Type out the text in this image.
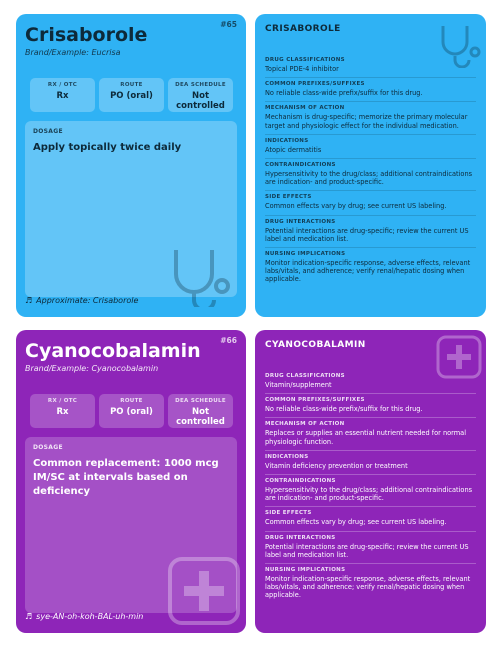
#65
Crisaborole
Brand/Example: Eucrisa
RX / OTC
Rx
ROUTE
PO (oral)
DEA SCHEDULE
Not controlled
DOSAGE
Apply topically twice daily
♬ Approximate: Crisaborole
CRISABOROLE
DRUG CLASSIFICATIONS
Topical PDE-4 inhibitor
COMMON PREFIXES/SUFFIXES
No reliable class-wide prefix/suffix for this drug.
MECHANISM OF ACTION
Mechanism is drug-specific; memorize the primary molecular target and physiologic effect for the individual medication.
INDICATIONS
Atopic dermatitis
CONTRAINDICATIONS
Hypersensitivity to the drug/class; additional contraindications are indication- and product-specific.
SIDE EFFECTS
Common effects vary by drug; see current US labeling.
DRUG INTERACTIONS
Potential interactions are drug-specific; review the current US label and medication list.
NURSING IMPLICATIONS
Monitor indication-specific response, adverse effects, relevant labs/vitals, and adherence; verify renal/hepatic dosing when applicable.
#66
Cyanocobalamin
Brand/Example: Cyanocobalamin
RX / OTC
Rx
ROUTE
PO (oral)
DEA SCHEDULE
Not controlled
DOSAGE
Common replacement: 1000 mcg IM/SC at intervals based on deficiency
♬ sye-AN-oh-koh-BAL-uh-min
CYANOCOBALAMIN
DRUG CLASSIFICATIONS
Vitamin/supplement
COMMON PREFIXES/SUFFIXES
No reliable class-wide prefix/suffix for this drug.
MECHANISM OF ACTION
Replaces or supplies an essential nutrient needed for normal physiologic function.
INDICATIONS
Vitamin deficiency prevention or treatment
CONTRAINDICATIONS
Hypersensitivity to the drug/class; additional contraindications are indication- and product-specific.
SIDE EFFECTS
Common effects vary by drug; see current US labeling.
DRUG INTERACTIONS
Potential interactions are drug-specific; review the current US label and medication list.
NURSING IMPLICATIONS
Monitor indication-specific response, adverse effects, relevant labs/vitals, and adherence; verify renal/hepatic dosing when applicable.
